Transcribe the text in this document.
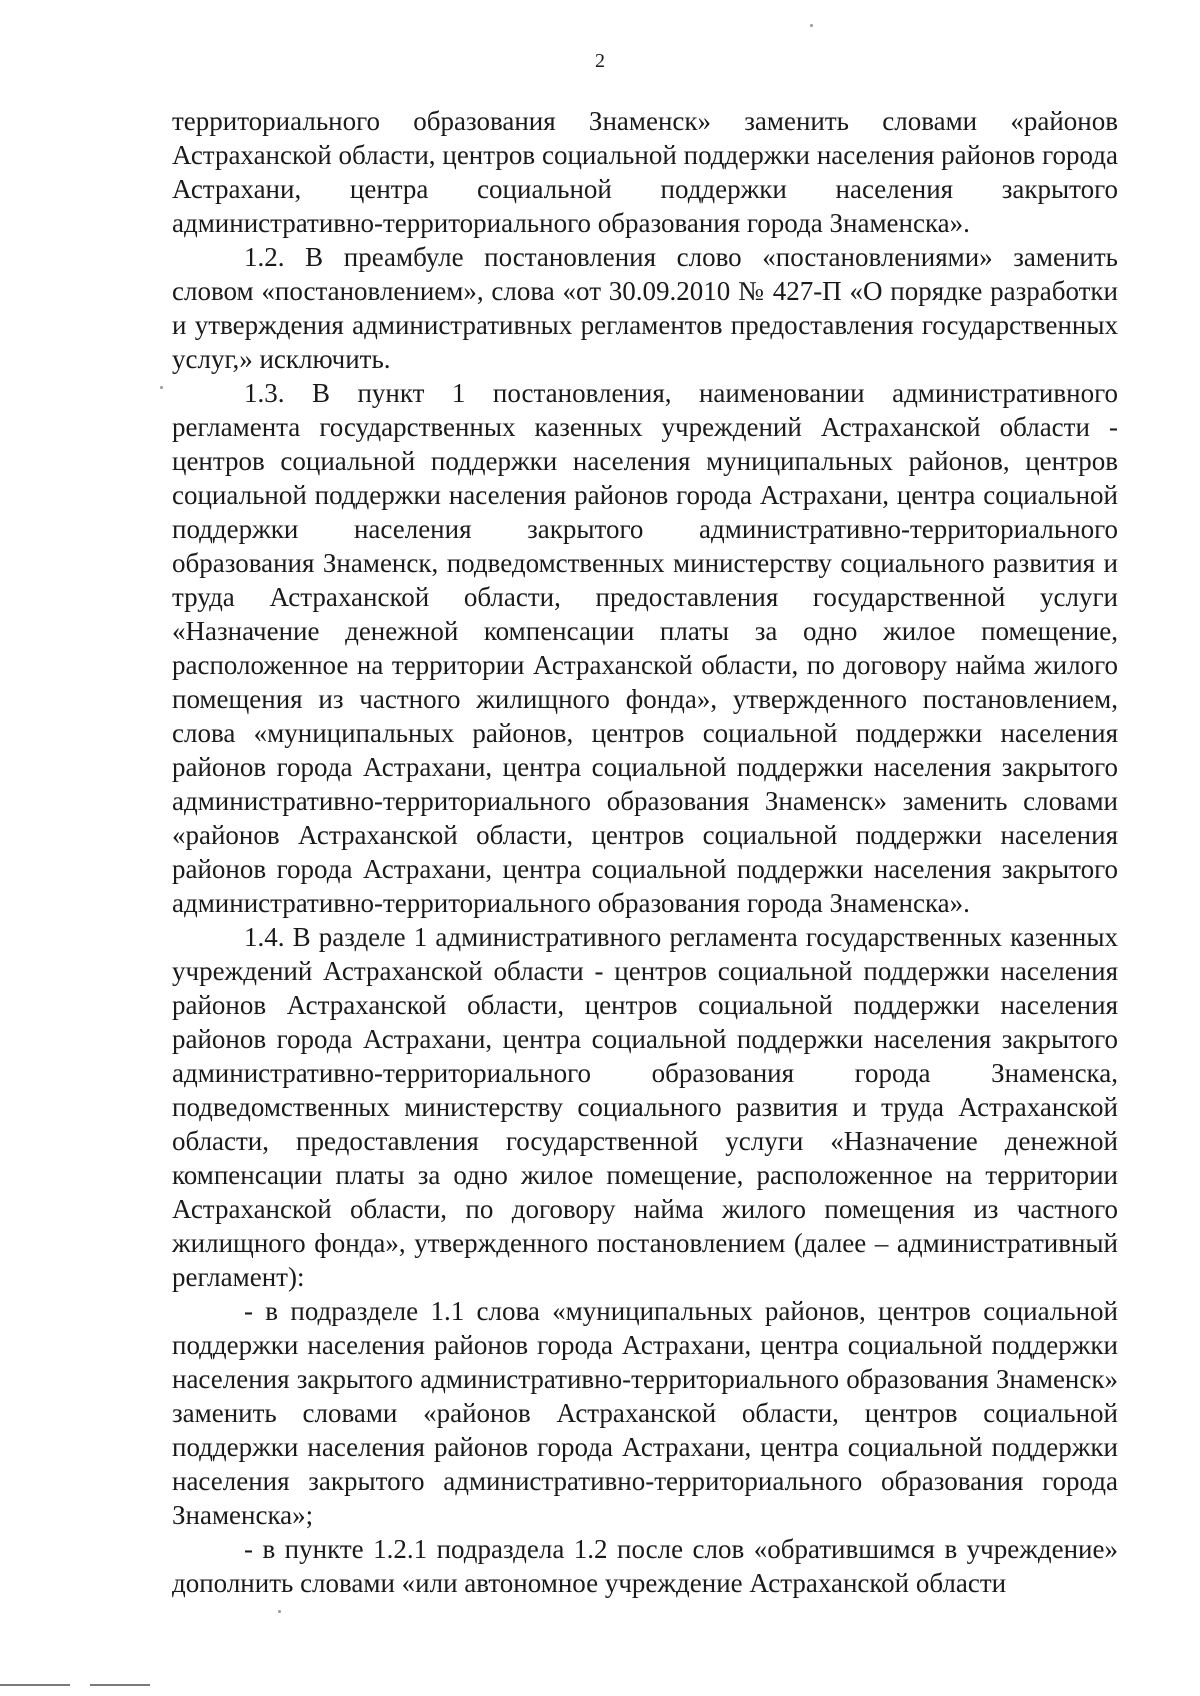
2

территориального образования Знаменск» заменить словами «районов Астраханской области, центров социальной поддержки населения районов города Астрахани, центра социальной поддержки населения закрытого административно-территориального образования города Знаменска».

1.2. В преамбуле постановления слово «постановлениями» заменить словом «постановлением», слова «от 30.09.2010 № 427-П «О порядке разработки и утверждения административных регламентов предоставления государственных услуг,» исключить.

1.3. В пункт 1 постановления, наименовании административного регламента государственных казенных учреждений Астраханской области - центров социальной поддержки населения муниципальных районов, центров социальной поддержки населения районов города Астрахани, центра социальной поддержки населения закрытого административно-территориального образования Знаменск, подведомственных министерству социального развития и труда Астраханской области, предоставления государственной услуги «Назначение денежной компенсации платы за одно жилое помещение, расположенное на территории Астраханской области, по договору найма жилого помещения из частного жилищного фонда», утвержденного постановлением, слова «муниципальных районов, центров социальной поддержки населения районов города Астрахани, центра социальной поддержки населения закрытого административно-территориального образования Знаменск» заменить словами «районов Астраханской области, центров социальной поддержки населения районов города Астрахани, центра социальной поддержки населения закрытого административно-территориального образования города Знаменска».

1.4. В разделе 1 административного регламента государственных казенных учреждений Астраханской области - центров социальной поддержки населения районов Астраханской области, центров социальной поддержки населения районов города Астрахани, центра социальной поддержки населения закрытого административно-территориального образования города Знаменска, подведомственных министерству социального развития и труда Астраханской области, предоставления государственной услуги «Назначение денежной компенсации платы за одно жилое помещение, расположенное на территории Астраханской области, по договору найма жилого помещения из частного жилищного фонда», утвержденного постановлением (далее – административный регламент):

- в подразделе 1.1 слова «муниципальных районов, центров социальной поддержки населения районов города Астрахани, центра социальной поддержки населения закрытого административно-территориального образования Знаменск» заменить словами «районов Астраханской области, центров социальной поддержки населения районов города Астрахани, центра социальной поддержки населения закрытого административно-территориального образования города Знаменска»;

- в пункте 1.2.1 подраздела 1.2 после слов «обратившимся в учреждение» дополнить словами «или автономное учреждение Астраханской области
